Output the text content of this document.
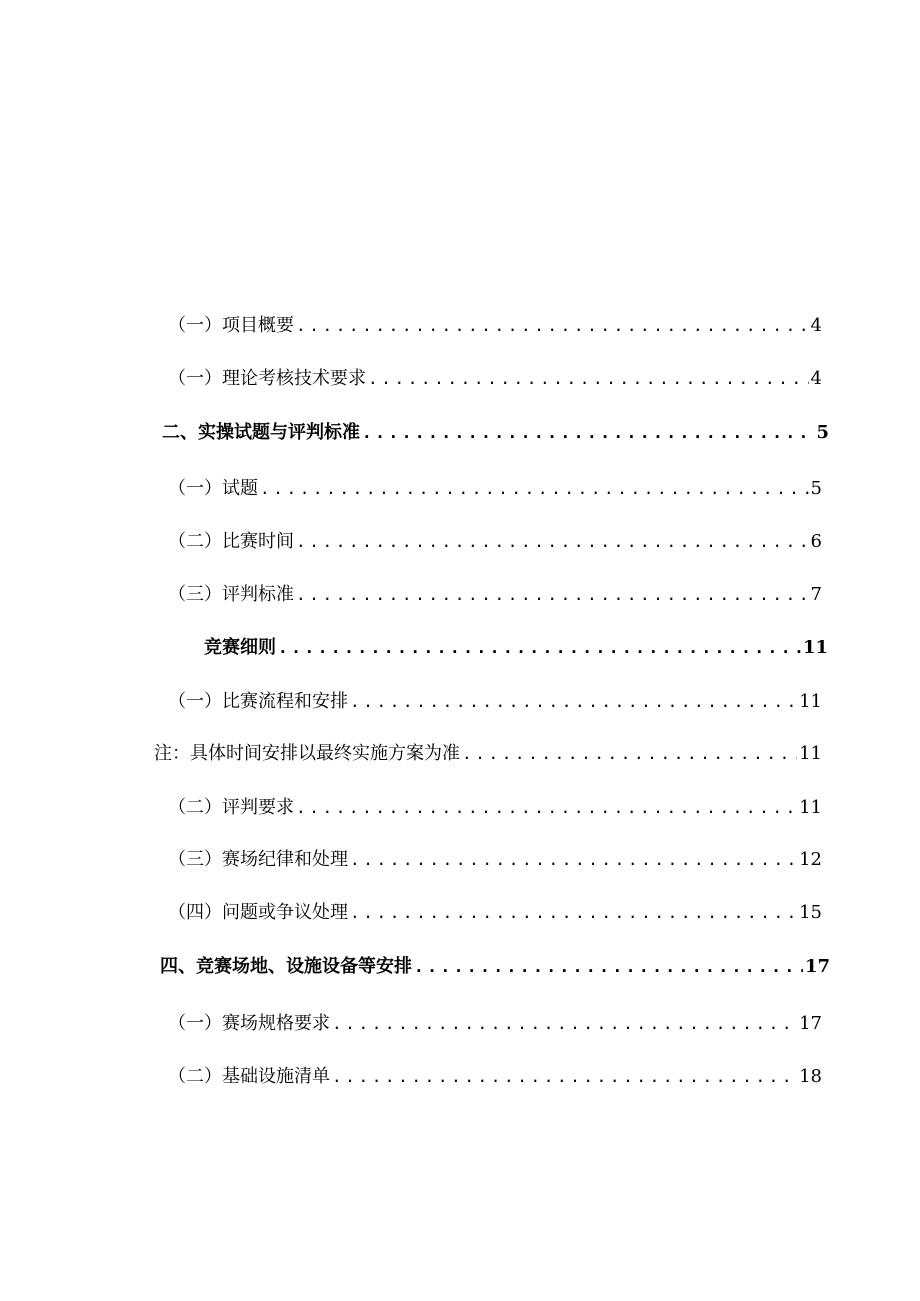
（一）项目概要 .....	4
（一）理论考核技术要求 .....	4
二、实操试题与评判标准 .....	5
（一）试题 .....	5
（二）比赛时间 .....	6
（三）评判标准 .....	7
竞赛细则 .....	11
（一）比赛流程和安排 .....	11
注：具体时间安排以最终实施方案为准 .....	11
（二）评判要求 .....	11
（三）赛场纪律和处理 .....	12
（四）问题或争议处理 .....	15
四、竞赛场地、设施设备等安排 .....	17
（一）赛场规格要求 .....	17
（二）基础设施清单 .....	18
